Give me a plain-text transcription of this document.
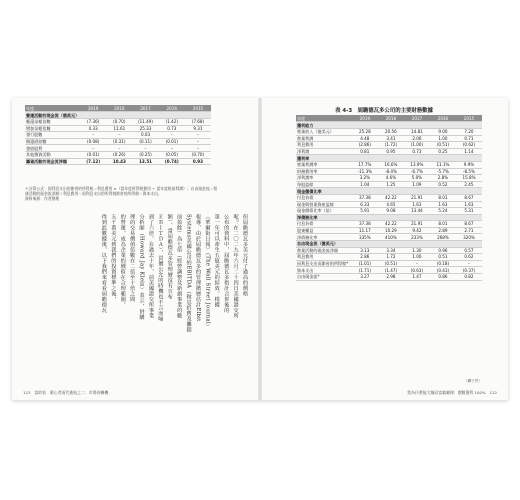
年度	2019	2018	2017	2016	2015
營運活動的現金流（億美元）					
應還呆帳倍數	(7.36)	(0.70)	(11.49)	(1.42)	(7.68)
增加呆帳倍數	0.33	11.61	25.33	0.73	9.31
發行股數	–	–	0.03	–	–
償還借款數	(0.08)	(0.31)	(0.11)	(0.01)	–
發放股利	–	–	–	–	–
其他籌資活動	(0.01)	(0.26)	(0.25)	(0.05)	(0.70)
籌資活動的現金流淨額	(7.12)	10.43	13.51	(0.74)	0.93
＊計算公式：固利息支出的節省的所得稅＝利息費用 ×（當年度所得稅費用 ÷ 當年度稅前利潤）；自由現金流＝營運活動的現金流淨額＋利息費用－固利息支出的所得稅節省的所得稅－資本支出。
資料來源：作者整理
但屆瞻德瓦多美元付了過高的價格
呢？在二〇二九年六月二十四日美國證交所
公布的資料中，屆瞻德瓦多指計合併後的
第一年可以產生五億美元的綜效，根據
《華爾街日報》（The Wall Street Journal）
報導，由於屆瞻德瓦多的管理階層估計Elbit
Systems美國公司的EBITDA（稅息折舊及攤銷
前盈餘）為七倍（經營調整及新創事業的數
額），當屆瞻德瓦多管理層沒有宣布
ＥＢＩＴＤＡ），買價公允的時機也不言而喻
到了六倍。在過去十年，前美國證交所事業
分析師（Howard Jay Klein）表示，併購
理的交易價值倍數在二倍至十倍之間
的營運，成為企業的價值在合理範圍，
五千萬美元到我們的投資標準之後，
得到此數據後，以下我們來看看屆瞻德瓦
123　富的家　繁心者兩代進航之二：市場的轉機
表 4-3　屆瞻德瓦多公司的主要財務數據
年度	2019	2018	2017	2016	2015
獲利能力					
營業收入（億美元）	25.28	20.56	14.81	9.00	7.20
營業利潤	4.48	3.41	2.06	1.00	0.71
利息費用	(2.86)	(1.72)	(1.00)	(0.51)	(0.62)
淨利潤	0.81	0.95	0.73	0.25	1.14
獲利率					
營業利潤率	17.7%	16.6%	13.9%	11.1%	9.9%
財務費用率	-11.3%	-8.4%	-6.7%	-5.7%	-8.5%
淨利潤率	3.2%	4.6%	5.0%	2.8%	15.8%
每股盈餘	1.04	1.25	1.09	0.52	2.45
現金償債比率					
付息負債	37.38	42.22	21.91	8.01	8.67
現金與營業資產盈餘	6.33	4.65	1.63	1.63	1.63
現金償債比率（倍）	5.91	9.08	13.44	5.24	5.31
淨債務比率					
付息負債	37.38	42.22	21.91	8.01	8.67
股東權益	11.17	10.29	9.42	2.89	2.71
淨債務比率	335%	410%	233%	268%	320%
自由現金流（億美元）					
營業活動的現金流淨額	3.13	3.34	1.30	0.96	0.57
利息費用	2.86	1.72	1.00	0.51	0.62
因利息支出而節省的所得稅*	(1.01)	(0.51)	–	(0.18)	–
資本支出	(1.71)	(1.47)	(0.63)	(0.43)	(0.37)
自由現金流*	3.27	2.98	1.47	0.86	0.82
（轉下頁）
我為什麼能大賺而富翁聯錢：價數獲利 100%　122
